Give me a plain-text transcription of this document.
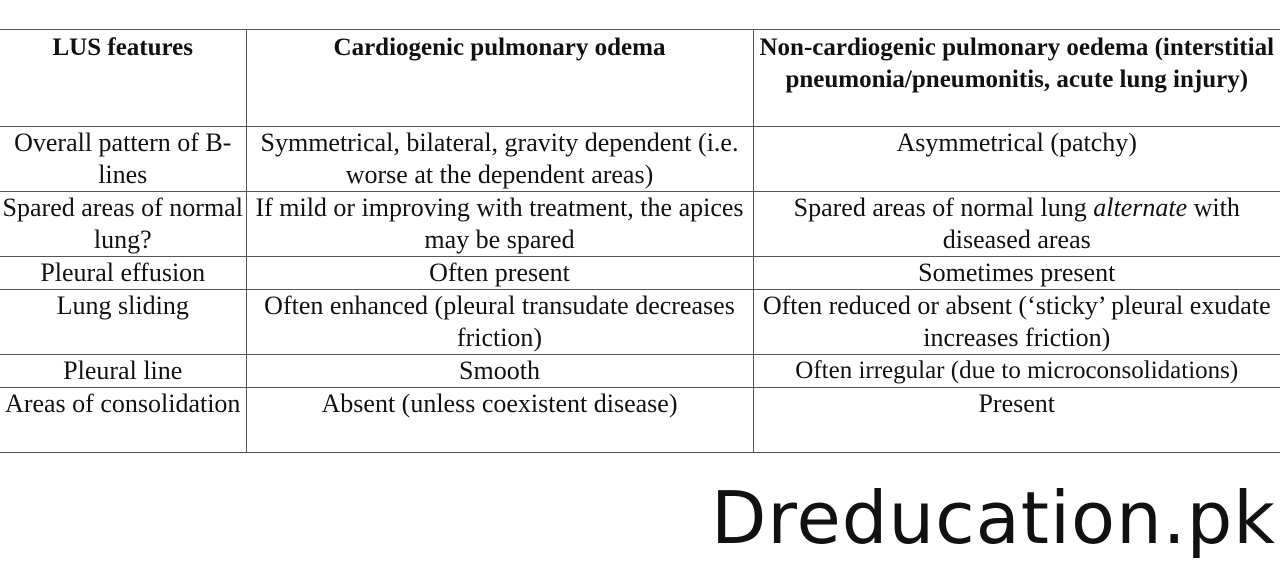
LUS features	Cardiogenic pulmonary odema	Non-cardiogenic pulmonary oedema (interstitial pneumonia/pneumonitis, acute lung injury)
Overall pattern of B-lines	Symmetrical, bilateral, gravity dependent (i.e. worse at the dependent areas)	Asymmetrical (patchy)
Spared areas of normal lung?	If mild or improving with treatment, the apices may be spared	Spared areas of normal lung alternate with diseased areas
Pleural effusion	Often present	Sometimes present
Lung sliding	Often enhanced (pleural transudate decreases friction)	Often reduced or absent (‘sticky’ pleural exudate increases friction)
Pleural line	Smooth	Often irregular (due to microconsolidations)
Areas of consolidation	Absent (unless coexistent disease)	Present
Dreducation.pk
